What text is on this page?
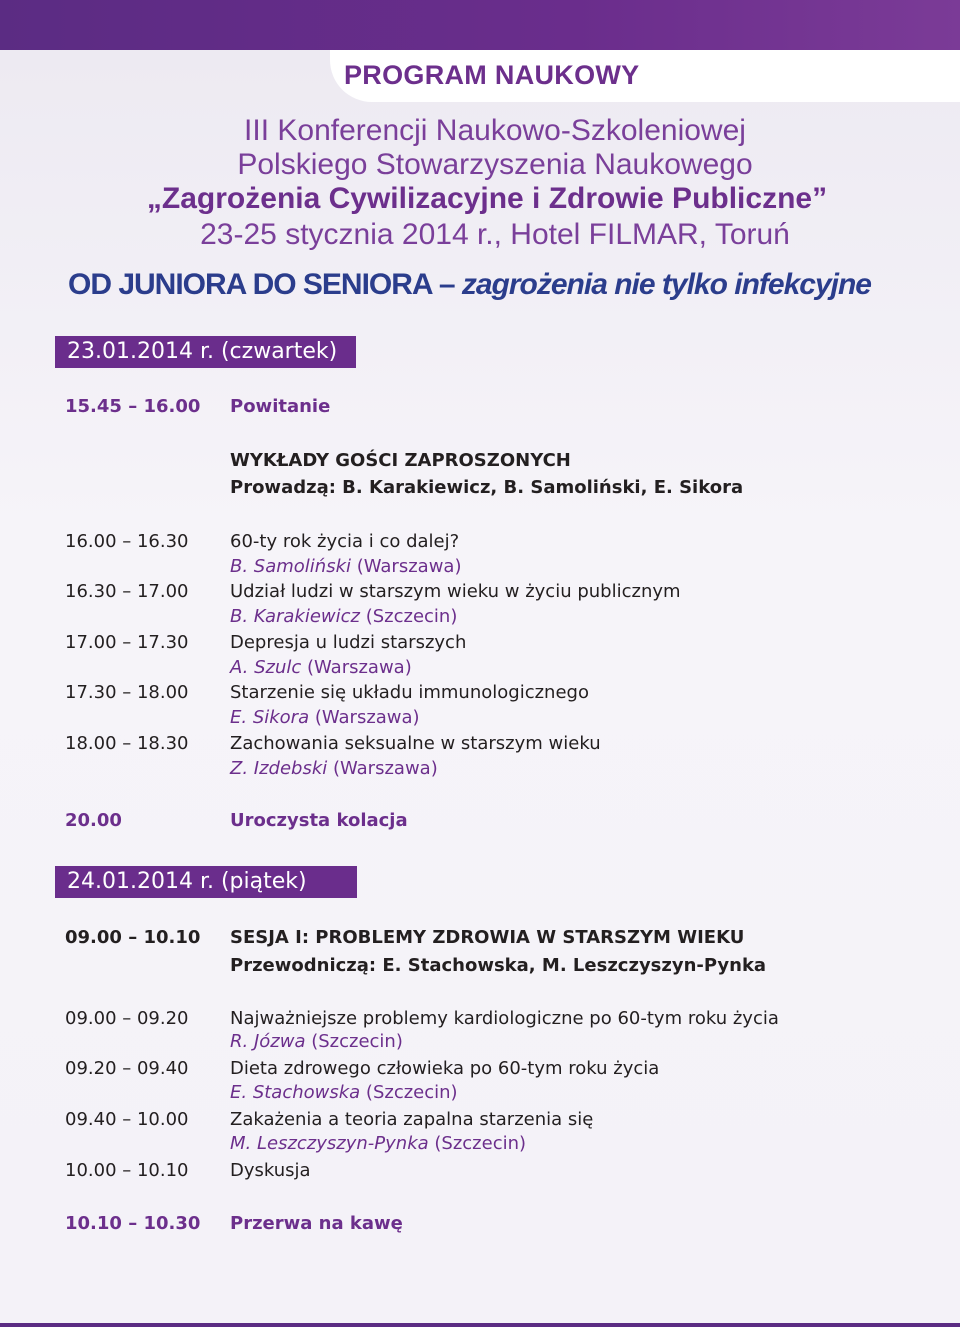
PROGRAM NAUKOWY
III Konferencji Naukowo-Szkoleniowej
Polskiego Stowarzyszenia Naukowego
„Zagrożenia Cywilizacyjne i Zdrowie Publiczne”
23-25 stycznia 2014 r., Hotel FILMAR, Toruń
OD JUNIORA DO SENIORA – zagrożenia nie tylko infekcyjne
23.01.2014 r. (czwartek)
15.45 – 16.00 Powitanie
WYKŁADY GOŚCI ZAPROSZONYCH
Prowadzą: B. Karakiewicz, B. Samoliński, E. Sikora
16.00 – 16.30 60-ty rok życia i co dalej?
B. Samoliński (Warszawa)
16.30 – 17.00 Udział ludzi w starszym wieku w życiu publicznym
B. Karakiewicz (Szczecin)
17.00 – 17.30 Depresja u ludzi starszych
A. Szulc (Warszawa)
17.30 – 18.00 Starzenie się układu immunologicznego
E. Sikora (Warszawa)
18.00 – 18.30 Zachowania seksualne w starszym wieku
Z. Izdebski (Warszawa)
20.00	Uroczysta kolacja
24.01.2014 r. (piątek)
09.00 – 10.10 SESJA I: PROBLEMY ZDROWIA W STARSZYM WIEKU
Przewodniczą: E. Stachowska, M. Leszczyszyn-Pynka
09.00 – 09.20 Najważniejsze problemy kardiologiczne po 60-tym roku życia
R. Józwa (Szczecin)
09.20 – 09.40 Dieta zdrowego człowieka po 60-tym roku życia
E. Stachowska (Szczecin)
09.40 – 10.00 Zakażenia a teoria zapalna starzenia się
M. Leszczyszyn-Pynka (Szczecin)
10.00 – 10.10 Dyskusja
10.10 – 10.30 Przerwa na kawę
